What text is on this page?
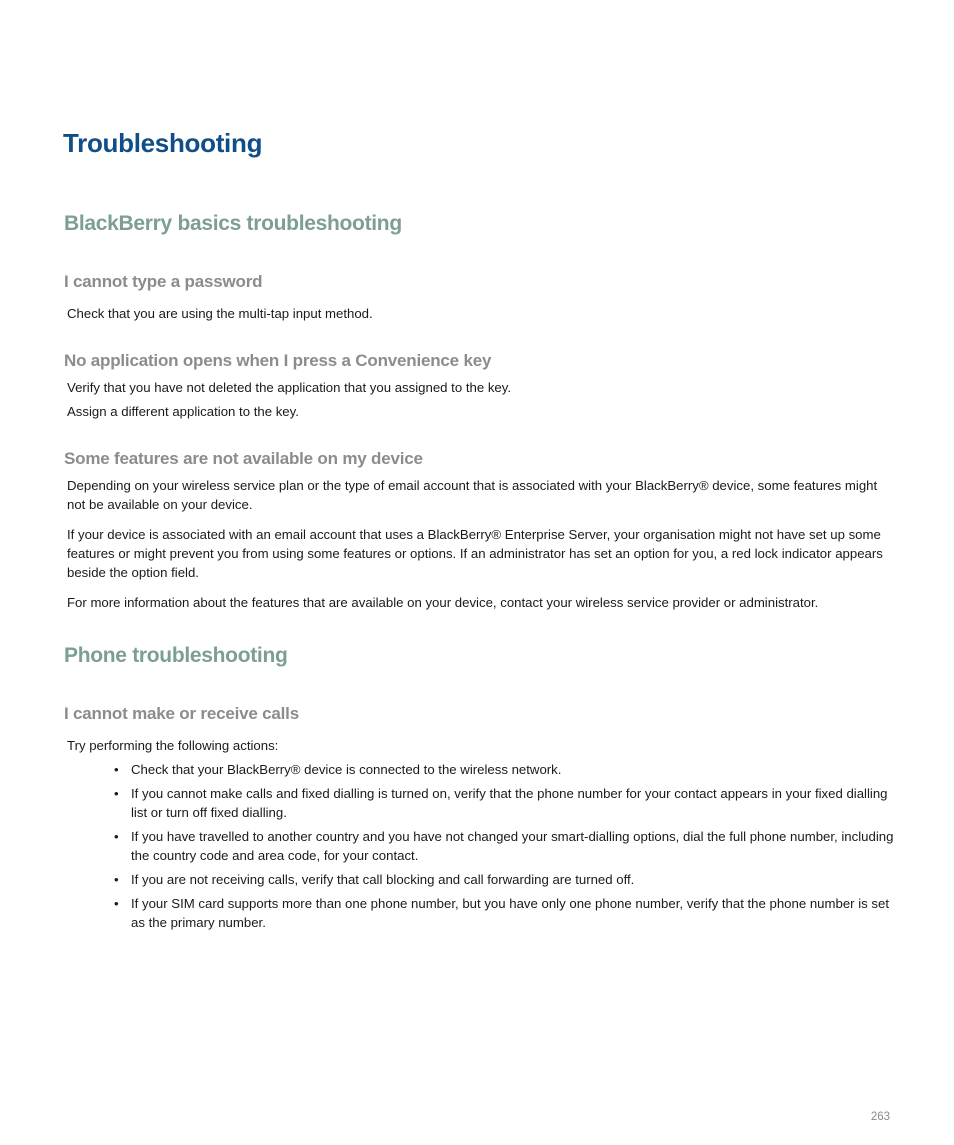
Troubleshooting
BlackBerry basics troubleshooting
I cannot type a password

Check that you are using the multi-tap input method.

No application opens when I press a Convenience key

Verify that you have not deleted the application that you assigned to the key.

Assign a different application to the key.

Some features are not available on my device

Depending on your wireless service plan or the type of email account that is associated with your BlackBerry® device, some features might not be available on your device.

If your device is associated with an email account that uses a BlackBerry® Enterprise Server, your organisation might not have set up some features or might prevent you from using some features or options. If an administrator has set an option for you, a red lock indicator appears beside the option field.

For more information about the features that are available on your device, contact your wireless service provider or administrator.

Phone troubleshooting
I cannot make or receive calls

Try performing the following actions:

• Check that your BlackBerry® device is connected to the wireless network.
• If you cannot make calls and fixed dialling is turned on, verify that the phone number for your contact appears in your fixed dialling list or turn off fixed dialling.
• If you have travelled to another country and you have not changed your smart-dialling options, dial the full phone number, including the country code and area code, for your contact.
• If you are not receiving calls, verify that call blocking and call forwarding are turned off.
• If your SIM card supports more than one phone number, but you have only one phone number, verify that the phone number is set as the primary number.
263
